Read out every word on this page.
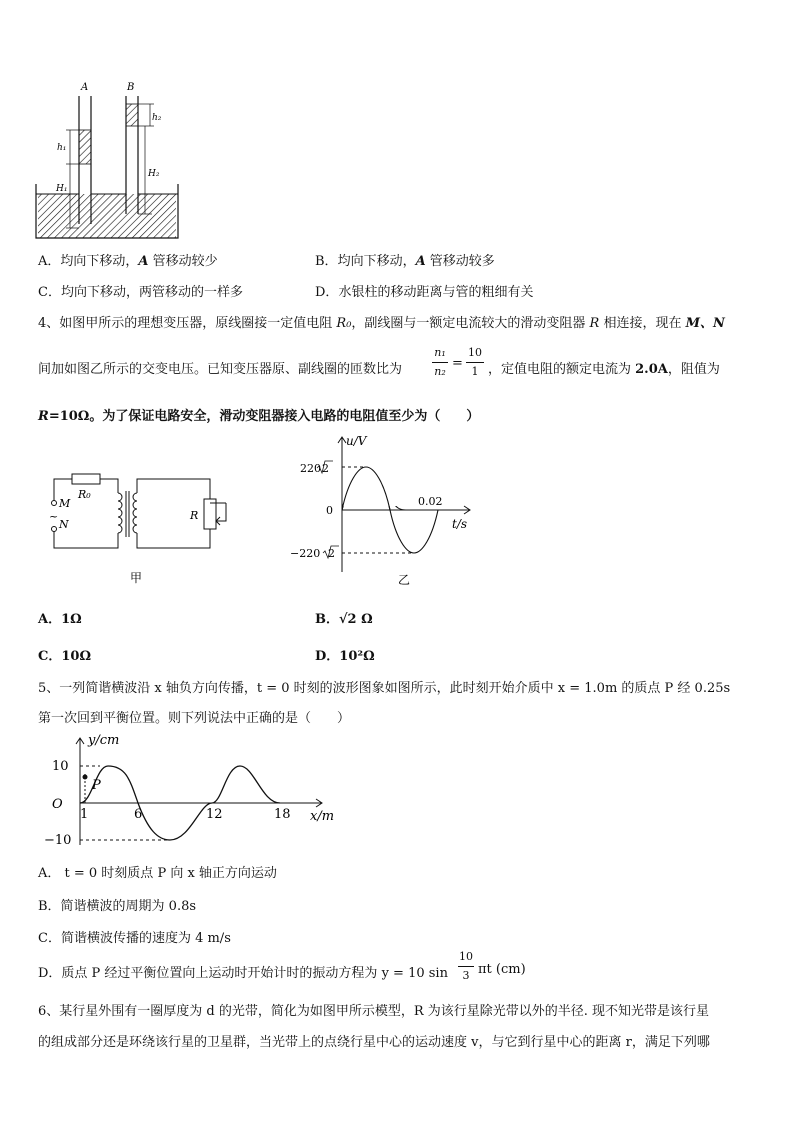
A	B
h₁
H₁
h₂
H₂
A．均向下移动，A 管移动较少	B．均向下移动，A 管移动较多
C．均向下移动，两管移动的一样多	D．水银柱的移动距离与管的粗细有关
4、如图甲所示的理想变压器，原线圈接一定值电阻 R₀，副线圈与一额定电流较大的滑动变阻器 R 相连接，现在 M、N
间加如图乙所示的交变电压。已知变压器原、副线圈的匝数比为
n₁
n₂
=
10
1 ，定值电阻的额定电流为 2.0A，阻值为
R=10Ω。为了保证电路安全，滑动变阻器接入电路的电阻值至少为（　　）
M
~
N
R₀
R
甲
u/V
t/s
220 2
0
0.02
−220 2
乙
A．1Ω	B．√2 Ω
C．10Ω	D．10²Ω
5、一列简谐横波沿 x 轴负方向传播，t = 0 时刻的波形图象如图所示，此时刻开始介质中 x = 1.0m 的质点 P 经 0.25s
第一次回到平衡位置。则下列说法中正确的是（　　）
y/cm
x/m
10
−10
O
P
1	6	12	18
A． t = 0 时刻质点 P 向 x 轴正方向运动
B．简谐横波的周期为 0.8s
C．简谐横波传播的速度为 4 m/s
D．质点 P 经过平衡位置向上运动时开始计时的振动方程为 y = 10 sin
10
3 πt (cm)
6、某行星外围有一圈厚度为 d 的光带，简化为如图甲所示模型，R 为该行星除光带以外的半径. 现不知光带是该行星
的组成部分还是环绕该行星的卫星群，当光带上的点绕行星中心的运动速度 v，与它到行星中心的距离 r，满足下列哪
